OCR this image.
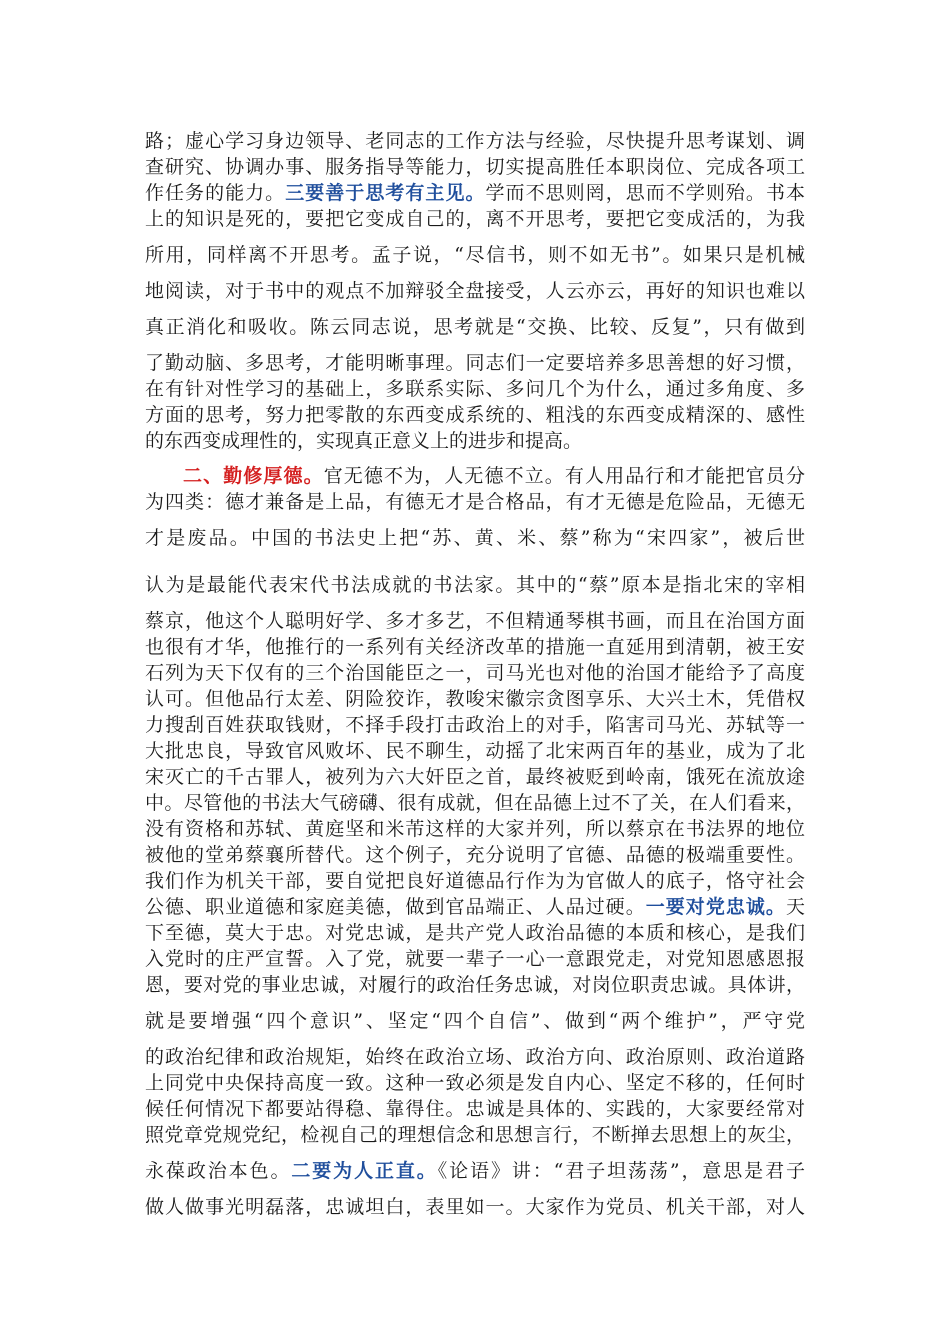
路；虚心学习身边领导、老同志的工作方法与经验，尽快提升思考谋划、调
查研究、协调办事、服务指导等能力，切实提高胜任本职岗位、完成各项工
作任务的能力。三要善于思考有主见。学而不思则罔，思而不学则殆。书本
上的知识是死的，要把它变成自己的，离不开思考，要把它变成活的，为我
所用，同样离不开思考。孟子说，“尽信书，则不如无书”。如果只是机械
地阅读，对于书中的观点不加辩驳全盘接受，人云亦云，再好的知识也难以
真正消化和吸收。陈云同志说，思考就是“交换、比较、反复”，只有做到
了勤动脑、多思考，才能明晰事理。同志们一定要培养多思善想的好习惯，
在有针对性学习的基础上，多联系实际、多问几个为什么，通过多角度、多
方面的思考，努力把零散的东西变成系统的、粗浅的东西变成精深的、感性
的东西变成理性的，实现真正意义上的进步和提高。
二、勤修厚德。官无德不为，人无德不立。有人用品行和才能把官员分
为四类：德才兼备是上品，有德无才是合格品，有才无德是危险品，无德无
才是废品。中国的书法史上把“苏、黄、米、蔡”称为“宋四家”，被后世
认为是最能代表宋代书法成就的书法家。其中的“蔡”原本是指北宋的宰相
蔡京，他这个人聪明好学、多才多艺，不但精通琴棋书画，而且在治国方面
也很有才华，他推行的一系列有关经济改革的措施一直延用到清朝，被王安
石列为天下仅有的三个治国能臣之一，司马光也对他的治国才能给予了高度
认可。但他品行太差、阴险狡诈，教唆宋徽宗贪图享乐、大兴土木，凭借权
力搜刮百姓获取钱财，不择手段打击政治上的对手，陷害司马光、苏轼等一
大批忠良，导致官风败坏、民不聊生，动摇了北宋两百年的基业，成为了北
宋灭亡的千古罪人，被列为六大奸臣之首，最终被贬到岭南，饿死在流放途
中。尽管他的书法大气磅礴、很有成就，但在品德上过不了关，在人们看来，
没有资格和苏轼、黄庭坚和米芾这样的大家并列，所以蔡京在书法界的地位
被他的堂弟蔡襄所替代。这个例子，充分说明了官德、品德的极端重要性。
我们作为机关干部，要自觉把良好道德品行作为为官做人的底子，恪守社会
公德、职业道德和家庭美德，做到官品端正、人品过硬。一要对党忠诚。天
下至德，莫大于忠。对党忠诚，是共产党人政治品德的本质和核心，是我们
入党时的庄严宣誓。入了党，就要一辈子一心一意跟党走，对党知恩感恩报
恩，要对党的事业忠诚，对履行的政治任务忠诚，对岗位职责忠诚。具体讲，
就是要增强“四个意识”、坚定“四个自信”、做到“两个维护”，严守党
的政治纪律和政治规矩，始终在政治立场、政治方向、政治原则、政治道路
上同党中央保持高度一致。这种一致必须是发自内心、坚定不移的，任何时
候任何情况下都要站得稳、靠得住。忠诚是具体的、实践的，大家要经常对
照党章党规党纪，检视自己的理想信念和思想言行，不断掸去思想上的灰尘，
永葆政治本色。二要为人正直。《论语》讲：“君子坦荡荡”，意思是君子
做人做事光明磊落，忠诚坦白，表里如一。大家作为党员、机关干部，对人
